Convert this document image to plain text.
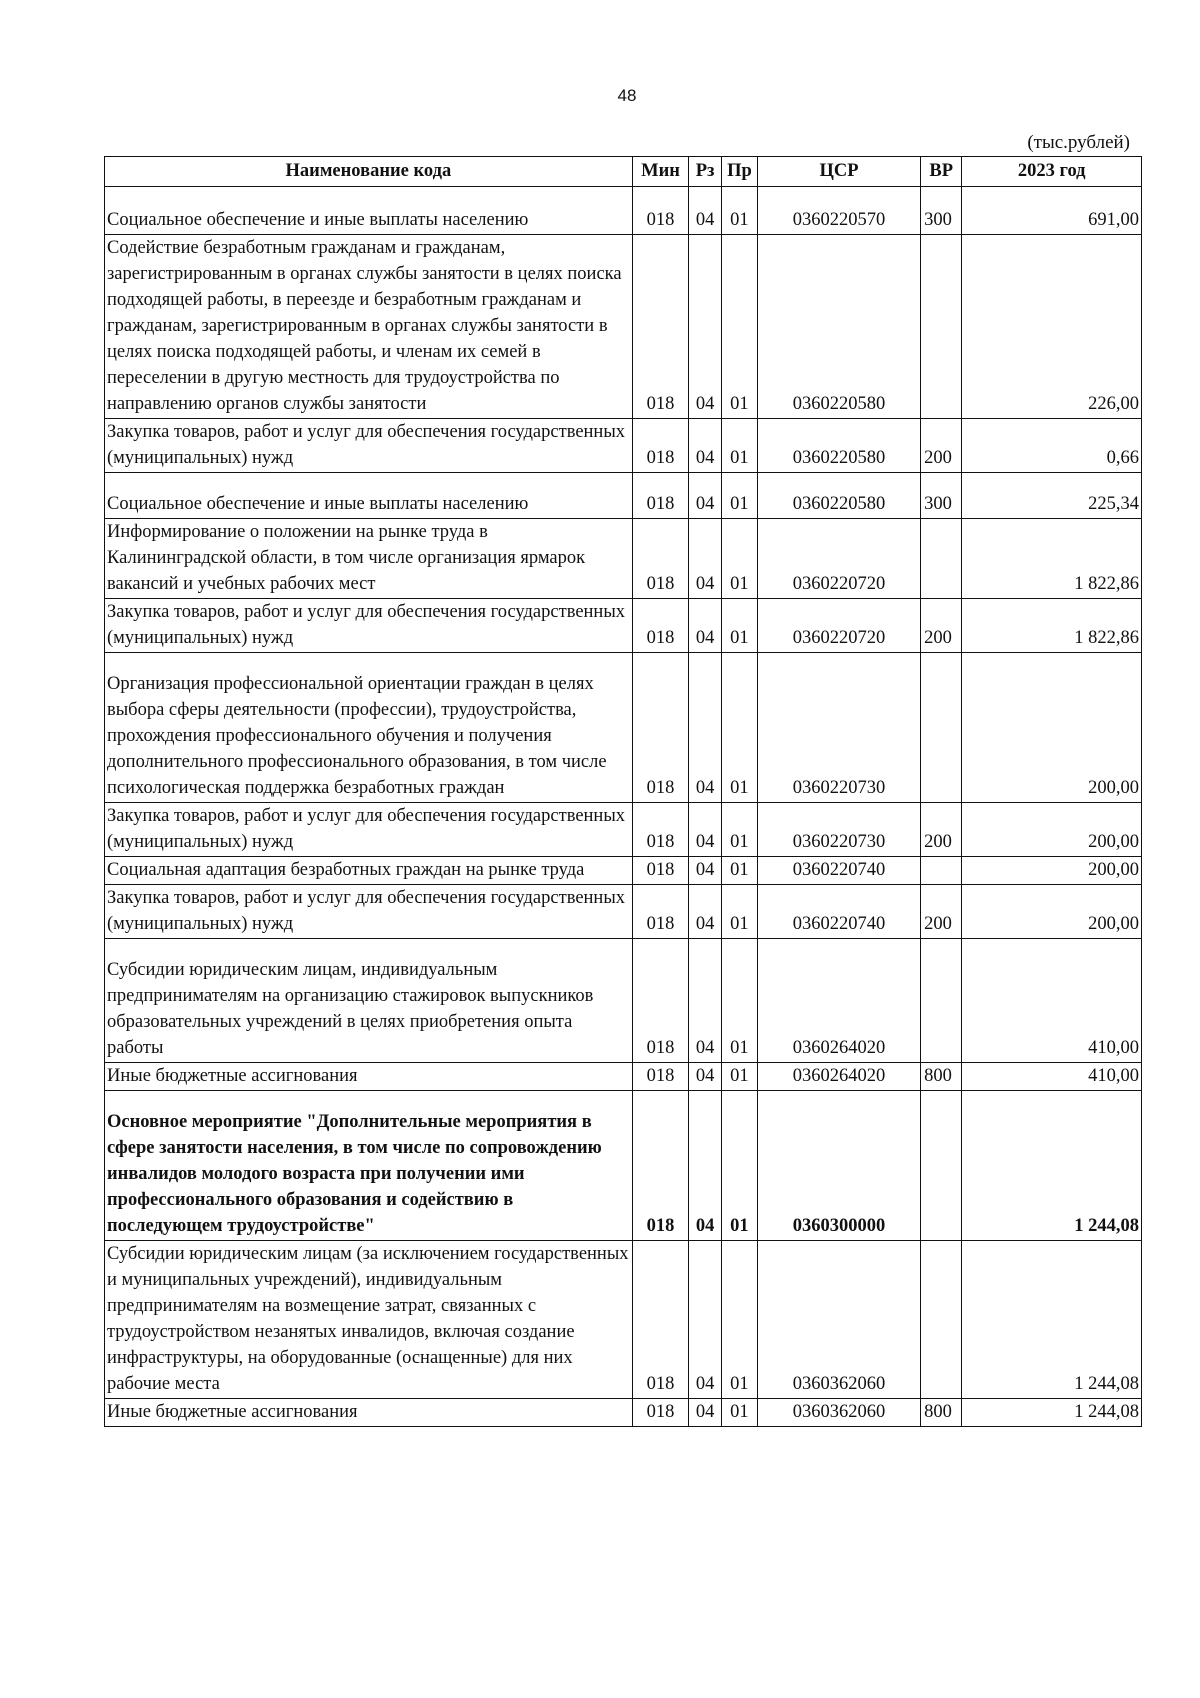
48
(тыс.рублей)
Наименование кода	Мин	Рз	Пр	ЦСР	ВР	2023 год
Социальное обеспечение и иные выплаты населению	018	04	01	0360220570	300	691,00
Содействие безработным гражданам и гражданам, зарегистрированным в органах службы занятости в целях поиска подходящей работы, в переезде и безработным гражданам и гражданам, зарегистрированным в органах службы занятости в целях поиска подходящей работы, и членам их семей в переселении в другую местность для трудоустройства по направлению органов службы занятости	018	04	01	0360220580		226,00
Закупка товаров, работ и услуг для обеспечения государственных (муниципальных) нужд	018	04	01	0360220580	200	0,66
Социальное обеспечение и иные выплаты населению	018	04	01	0360220580	300	225,34
Информирование о положении на рынке труда в Калининградской области, в том числе организация ярмарок вакансий и учебных рабочих мест	018	04	01	0360220720		1 822,86
Закупка товаров, работ и услуг для обеспечения государственных (муниципальных) нужд	018	04	01	0360220720	200	1 822,86
Организация профессиональной ориентации граждан в целях выбора сферы деятельности (профессии), трудоустройства, прохождения профессионального обучения и получения дополнительного профессионального образования, в том числе психологическая поддержка безработных граждан	018	04	01	0360220730		200,00
Закупка товаров, работ и услуг для обеспечения государственных (муниципальных) нужд	018	04	01	0360220730	200	200,00
Социальная адаптация безработных граждан на рынке труда	018	04	01	0360220740		200,00
Закупка товаров, работ и услуг для обеспечения государственных (муниципальных) нужд	018	04	01	0360220740	200	200,00
Субсидии юридическим лицам, индивидуальным предпринимателям на организацию стажировок выпускников образовательных учреждений в целях приобретения опыта работы	018	04	01	0360264020		410,00
Иные бюджетные ассигнования	018	04	01	0360264020	800	410,00
Основное мероприятие "Дополнительные мероприятия в сфере занятости населения, в том числе по сопровождению инвалидов молодого возраста при получении ими профессионального образования и содействию в последующем трудоустройстве"	018	04	01	0360300000		1 244,08
Субсидии юридическим лицам (за исключением государственных и муниципальных учреждений), индивидуальным предпринимателям на возмещение затрат, связанных с трудоустройством незанятых инвалидов, включая создание инфраструктуры, на оборудованные (оснащенные) для них рабочие места	018	04	01	0360362060		1 244,08
Иные бюджетные ассигнования	018	04	01	0360362060	800	1 244,08
